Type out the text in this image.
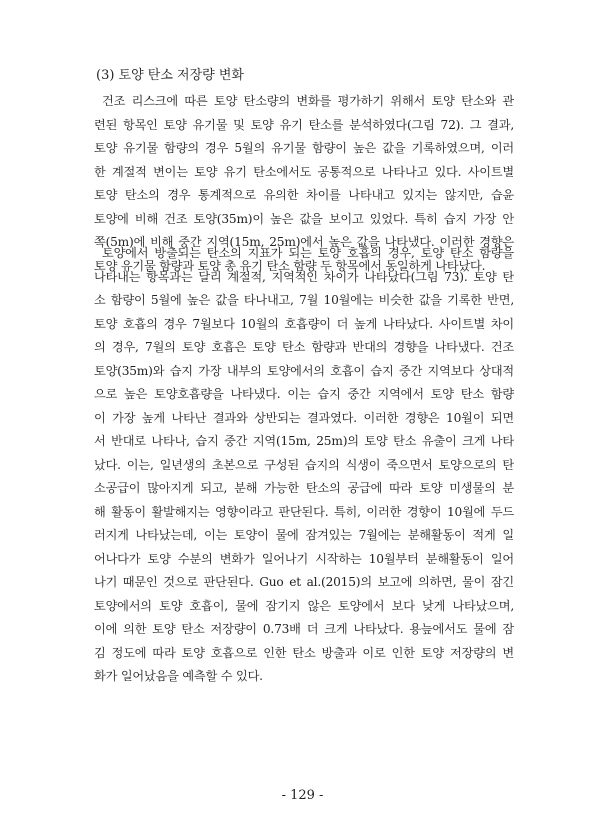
(3) 토양 탄소 저장량 변화
건조 리스크에 따른 토양 탄소량의 변화를 평가하기 위해서 토양 탄소와 관
련된 항목인 토양 유기물 및 토양 유기 탄소를 분석하였다(그림 72). 그 결과,
토양 유기물 함량의 경우 5월의 유기물 함량이 높은 값을 기록하였으며, 이러
한 계절적 변이는 토양 유기 탄소에서도 공통적으로 나타나고 있다. 사이트별
토양 탄소의 경우 통계적으로 유의한 차이를 나타내고 있지는 않지만, 습윤
토양에 비해 건조 토양(35m)이 높은 값을 보이고 있었다. 특히 습지 가장 안
쪽(5m)에 비해 중간 지역(15m, 25m)에서 높은 값을 나타냈다. 이러한 경향은
토양 유기물 함량과 토양 총 유기 탄소 함량 두 항목에서 동일하게 나타났다.
토양에서 방출되는 탄소의 지표가 되는 토양 호흡의 경우, 토양 탄소 함량을
나타내는 항목과는 달리 계절적, 지역적인 차이가 나타났다(그림 73). 토양 탄
소 함량이 5월에 높은 값을 타나내고, 7월 10월에는 비슷한 값을 기록한 반면,
토양 호흡의 경우 7월보다 10월의 호흡량이 더 높게 나타났다. 사이트별 차이
의 경우, 7월의 토양 호흡은 토양 탄소 함량과 반대의 경향을 나타냈다. 건조
토양(35m)와 습지 가장 내부의 토양에서의 호흡이 습지 중간 지역보다 상대적
으로 높은 토양호흡량을 나타냈다. 이는 습지 중간 지역에서 토양 탄소 함량
이 가장 높게 나타난 결과와 상반되는 결과였다. 이러한 경향은 10월이 되면
서 반대로 나타나, 습지 중간 지역(15m, 25m)의 토양 탄소 유출이 크게 나타
났다. 이는, 일년생의 초본으로 구성된 습지의 식생이 죽으면서 토양으로의 탄
소공급이 많아지게 되고, 분해 가능한 탄소의 공급에 따라 토양 미생물의 분
해 활동이 활발해지는 영향이라고 판단된다. 특히, 이러한 경향이 10월에 두드
러지게 나타났는데, 이는 토양이 물에 잠겨있는 7월에는 분해활동이 적게 일
어나다가 토양 수분의 변화가 일어나기 시작하는 10월부터 분해활동이 일어
나기 때문인 것으로 판단된다. Guo et al.(2015)의 보고에 의하면, 물이 잠긴
토양에서의 토양 호흡이, 물에 잠기지 않은 토양에서 보다 낮게 나타났으며,
이에 의한 토양 탄소 저장량이 0.73배 더 크게 나타났다. 용늪에서도 물에 잠
김 정도에 따라 토양 호흡으로 인한 탄소 방출과 이로 인한 토양 저장량의 변
화가 일어났음을 예측할 수 있다.
- 129 -
